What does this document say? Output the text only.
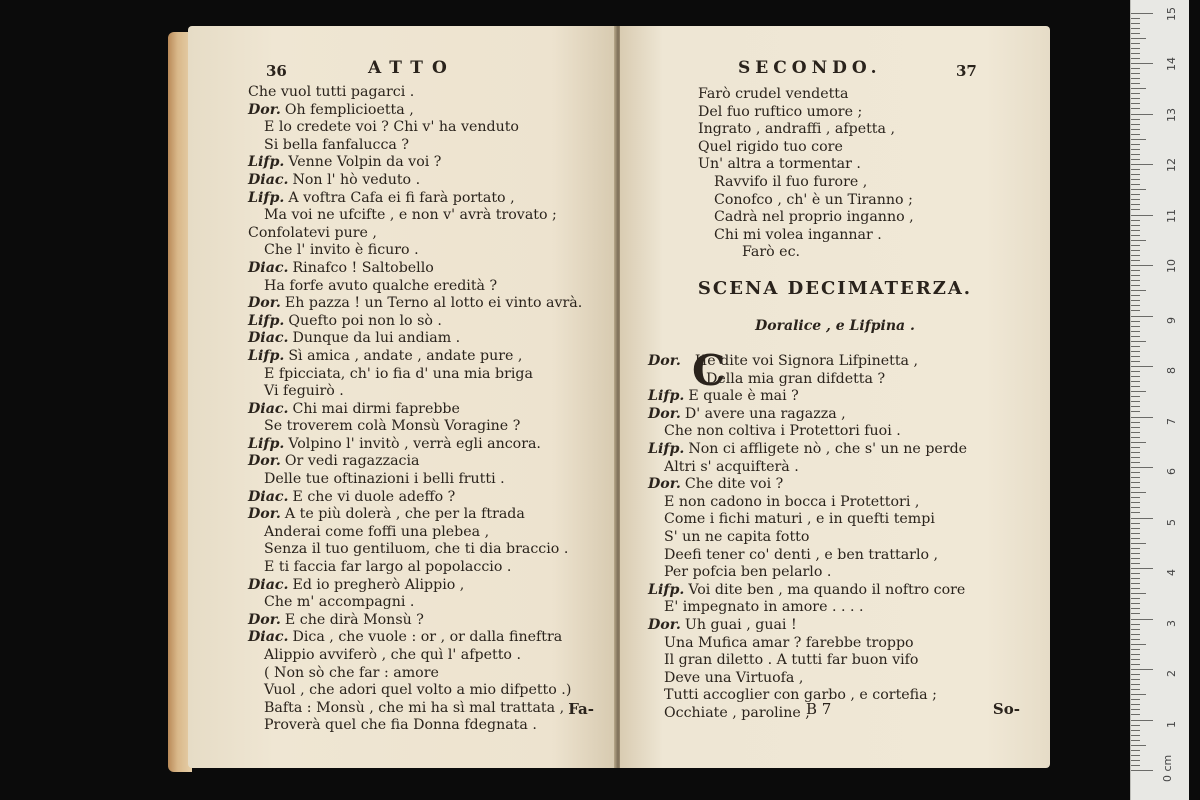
36	ATTO
Che vuol tutti pagarci .
Dor. Oh femplicioetta ,
E lo credete voi ? Chi v' ha venduto
Si bella fanfalucca ?
Lifp. Venne Volpin da voi ?
Diac. Non l' hò veduto .
Lifp. A voftra Cafa ei fi farà portato ,
Ma voi ne ufcifte , e non v' avrà trovato ;
Confolatevi pure ,
Che l' invito è ficuro .
Diac. Rinafco ! Saltobello
Ha forfe avuto qualche eredità ?
Dor. Eh pazza ! un Terno al lotto ei vinto avrà.
Lifp. Quefto poi non lo sò .
Diac. Dunque da lui andiam .
Lifp. Sì amica , andate , andate pure ,
E fpicciata, ch' io fia d' una mia briga
Vi feguirò .
Diac. Chi mai dirmi faprebbe
Se troverem colà Monsù Voragine ?
Lifp. Volpino l' invitò , verrà egli ancora.
Dor. Or vedi ragazzacia
Delle tue oftinazioni i belli frutti .
Diac. E che vi duole adeffo ?
Dor. A te più dolerà , che per la ftrada
Anderai come foffi una plebea ,
Senza il tuo gentiluom, che ti dia braccio .
E ti faccia far largo al popolaccio .
Diac. Ed io pregherò Alippio ,
Che m' accompagni .
Dor. E che dirà Monsù ?
Diac. Dica , che vuole : or , or dalla fineftra
Alippio avviferò , che quì l' afpetto .
( Non sò che far : amore
Vuol , che adori quel volto a mio difpetto .)
Bafta : Monsù , che mi ha sì mal trattata ,
Proverà quel che fia Donna fdegnata .
Fa-
SECONDO.	37
Farò crudel vendetta
Del fuo ruftico umore ;
Ingrato , andraffi , afpetta ,
Quel rigido tuo core
Un' altra a tormentar .
Ravvifo il fuo furore ,
Conofco , ch' è un Tiranno ;
Cadrà nel proprio inganno ,
Chi mi volea ingannar .
Farò ec.
SCENA DECIMATERZA.
Doralice , e Lifpina .
C
Dor. He dite voi Signora Lifpinetta ,
Della mia gran difdetta ?
Lifp. E quale è mai ?
Dor. D' avere una ragazza ,
Che non coltiva i Protettori fuoi .
Lifp. Non ci affligete nò , che s' un ne perde
Altri s' acquifterà .
Dor. Che dite voi ?
E non cadono in bocca i Protettori ,
Come i fichi maturi , e in quefti tempi
S' un ne capita fotto
Deefi tener co' denti , e ben trattarlo ,
Per pofcia ben pelarlo .
Lifp. Voi dite ben , ma quando il noftro core
E' impegnato in amore . . . .
Dor. Uh guai , guai !
Una Mufica amar ? farebbe troppo
Il gran diletto . A tutti far buon vifo
Deve una Virtuofa ,
Tutti accoglier con garbo , e cortefia ;
Occhiate , paroline ,
B 7	So-
0 cm
1
2
3
4
5
6
7
8
9
10
11
12
13
14
15
